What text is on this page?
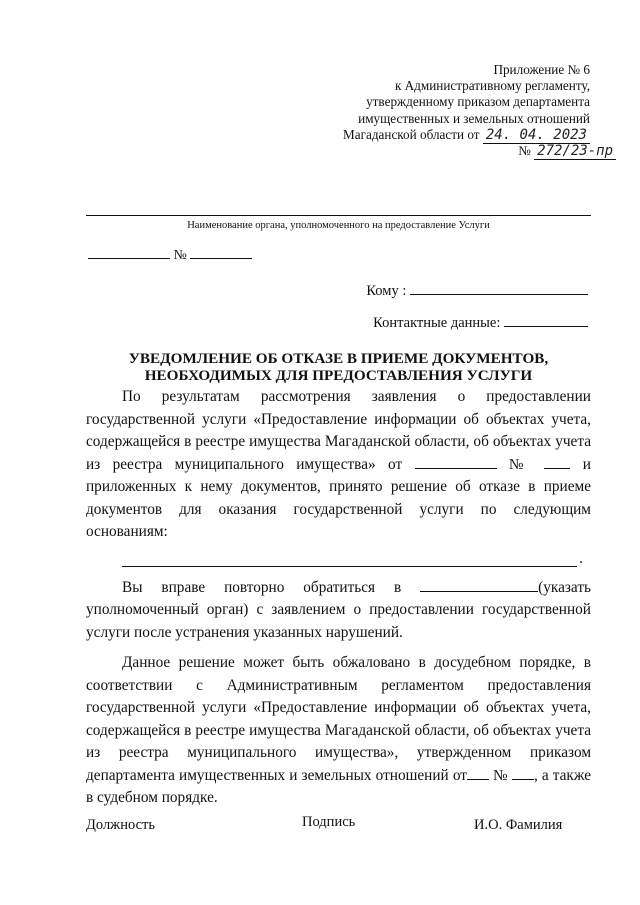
Приложение № 6
к Административному регламенту,
утвержденному приказом департамента
имущественных и земельных отношений
Магаданской области от 24. 04. 2023
№ 272/23-пр
Наименование органа, уполномоченного на предоставление Услуги
№
Кому :
Контактные данные:
УВЕДОМЛЕНИЕ ОБ ОТКАЗЕ В ПРИЕМЕ ДОКУМЕНТОВ,
НЕОБХОДИМЫХ ДЛЯ ПРЕДОСТАВЛЕНИЯ УСЛУГИ

По результатам рассмотрения заявления о предоставлении государственной услуги «Предоставление информации об объектах учета, содержащейся в реестре имущества Магаданской области, об объектах учета из реестра муниципального имущества» от	№	и приложенных к нему документов, принято решение об отказе в приеме документов для оказания государственной услуги по следующим основаниям:

.

Вы вправе повторно обратиться в	(указать уполномоченный орган) с заявлением о предоставлении государственной услуги после устранения указанных нарушений.

Данное решение может быть обжаловано в досудебном порядке, в соответствии с Административным регламентом предоставления государственной услуги «Предоставление информации об объектах учета, содержащейся в реестре имущества Магаданской области, об объектах учета из реестра муниципального имущества», утвержденном приказом департамента имущественных и земельных отношений от № , а также в судебном порядке.

Должность	Подпись	И.О. Фамилия
